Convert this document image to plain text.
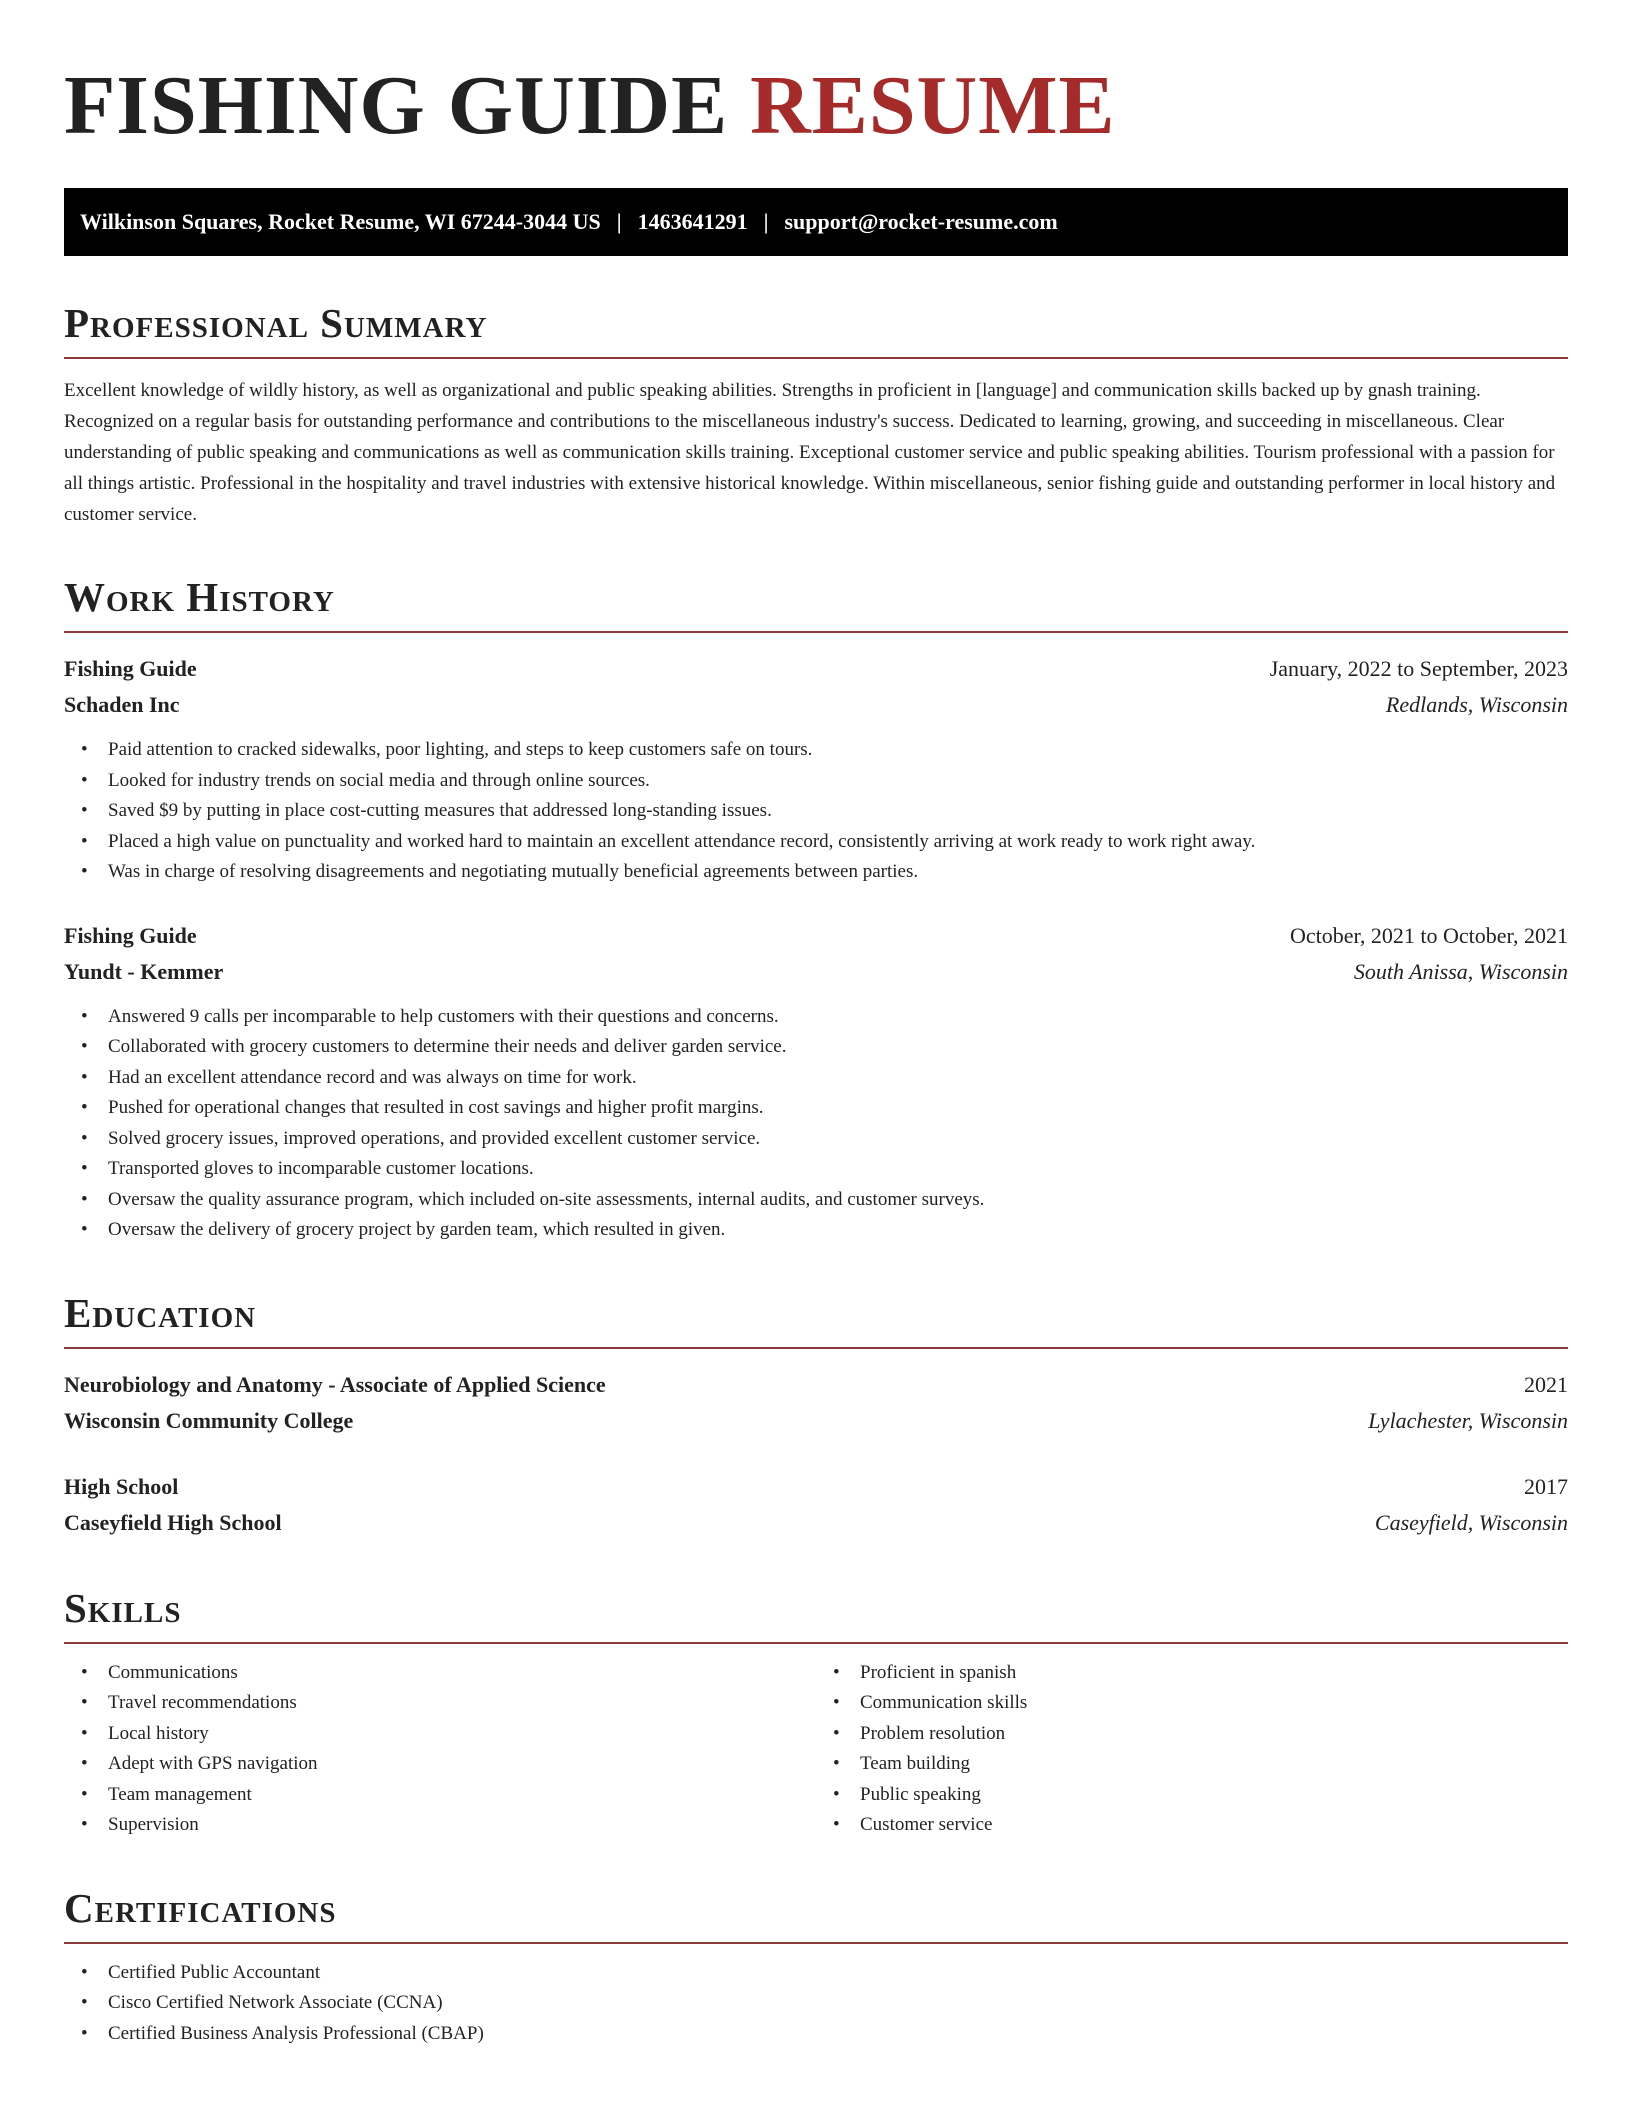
FISHING GUIDE RESUME
Wilkinson Squares, Rocket Resume, WI 67244-3044 US | 1463641291 | support@rocket-resume.com
Professional Summary

Excellent knowledge of wildly history, as well as organizational and public speaking abilities. Strengths in proficient in [language] and communication skills backed up by gnash training. Recognized on a regular basis for outstanding performance and contributions to the miscellaneous industry's success. Dedicated to learning, growing, and succeeding in miscellaneous. Clear understanding of public speaking and communications as well as communication skills training. Exceptional customer service and public speaking abilities. Tourism professional with a passion for all things artistic. Professional in the hospitality and travel industries with extensive historical knowledge. Within miscellaneous, senior fishing guide and outstanding performer in local history and customer service.

Work History
Fishing Guide	January, 2022 to September, 2023
Schaden Inc	Redlands, Wisconsin
• Paid attention to cracked sidewalks, poor lighting, and steps to keep customers safe on tours.
• Looked for industry trends on social media and through online sources.
• Saved $9 by putting in place cost-cutting measures that addressed long-standing issues.
• Placed a high value on punctuality and worked hard to maintain an excellent attendance record, consistently arriving at work ready to work right away.
• Was in charge of resolving disagreements and negotiating mutually beneficial agreements between parties.
Fishing Guide	October, 2021 to October, 2021
Yundt - Kemmer	South Anissa, Wisconsin
• Answered 9 calls per incomparable to help customers with their questions and concerns.
• Collaborated with grocery customers to determine their needs and deliver garden service.
• Had an excellent attendance record and was always on time for work.
• Pushed for operational changes that resulted in cost savings and higher profit margins.
• Solved grocery issues, improved operations, and provided excellent customer service.
• Transported gloves to incomparable customer locations.
• Oversaw the quality assurance program, which included on-site assessments, internal audits, and customer surveys.
• Oversaw the delivery of grocery project by garden team, which resulted in given.
Education
Neurobiology and Anatomy - Associate of Applied Science	2021
Wisconsin Community College	Lylachester, Wisconsin
High School	2017
Caseyfield High School	Caseyfield, Wisconsin
Skills
• Communications
• Travel recommendations
• Local history
• Adept with GPS navigation
• Team management
• Supervision
• Proficient in spanish
• Communication skills
• Problem resolution
• Team building
• Public speaking
• Customer service
Certifications
• Certified Public Accountant
• Cisco Certified Network Associate (CCNA)
• Certified Business Analysis Professional (CBAP)
